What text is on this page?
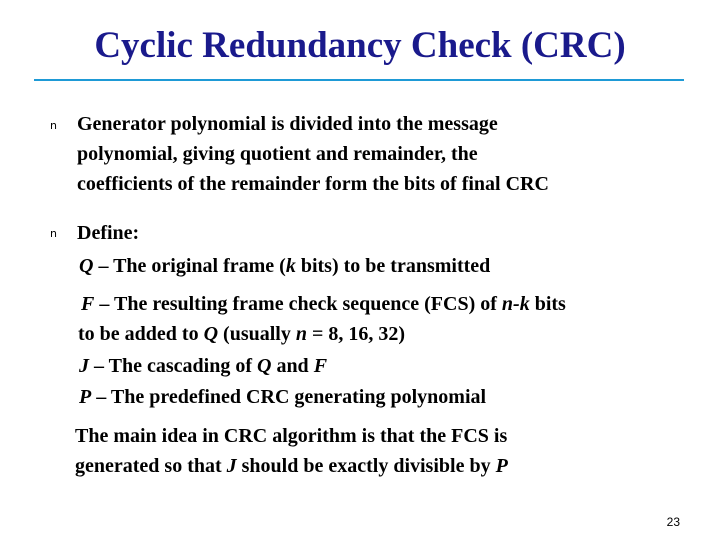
Cyclic Redundancy Check (CRC)
n Generator polynomial is divided into the message
polynomial, giving quotient and remainder, the
coefficients of the remainder form the bits of final CRC
n Define:
Q – The original frame (k bits) to be transmitted
F – The resulting frame check sequence (FCS) of n-k bits
to be added to Q (usually n = 8, 16, 32)
J – The cascading of Q and F
P – The predefined CRC generating polynomial
The main idea in CRC algorithm is that the FCS is
generated so that J should be exactly divisible by P
23
